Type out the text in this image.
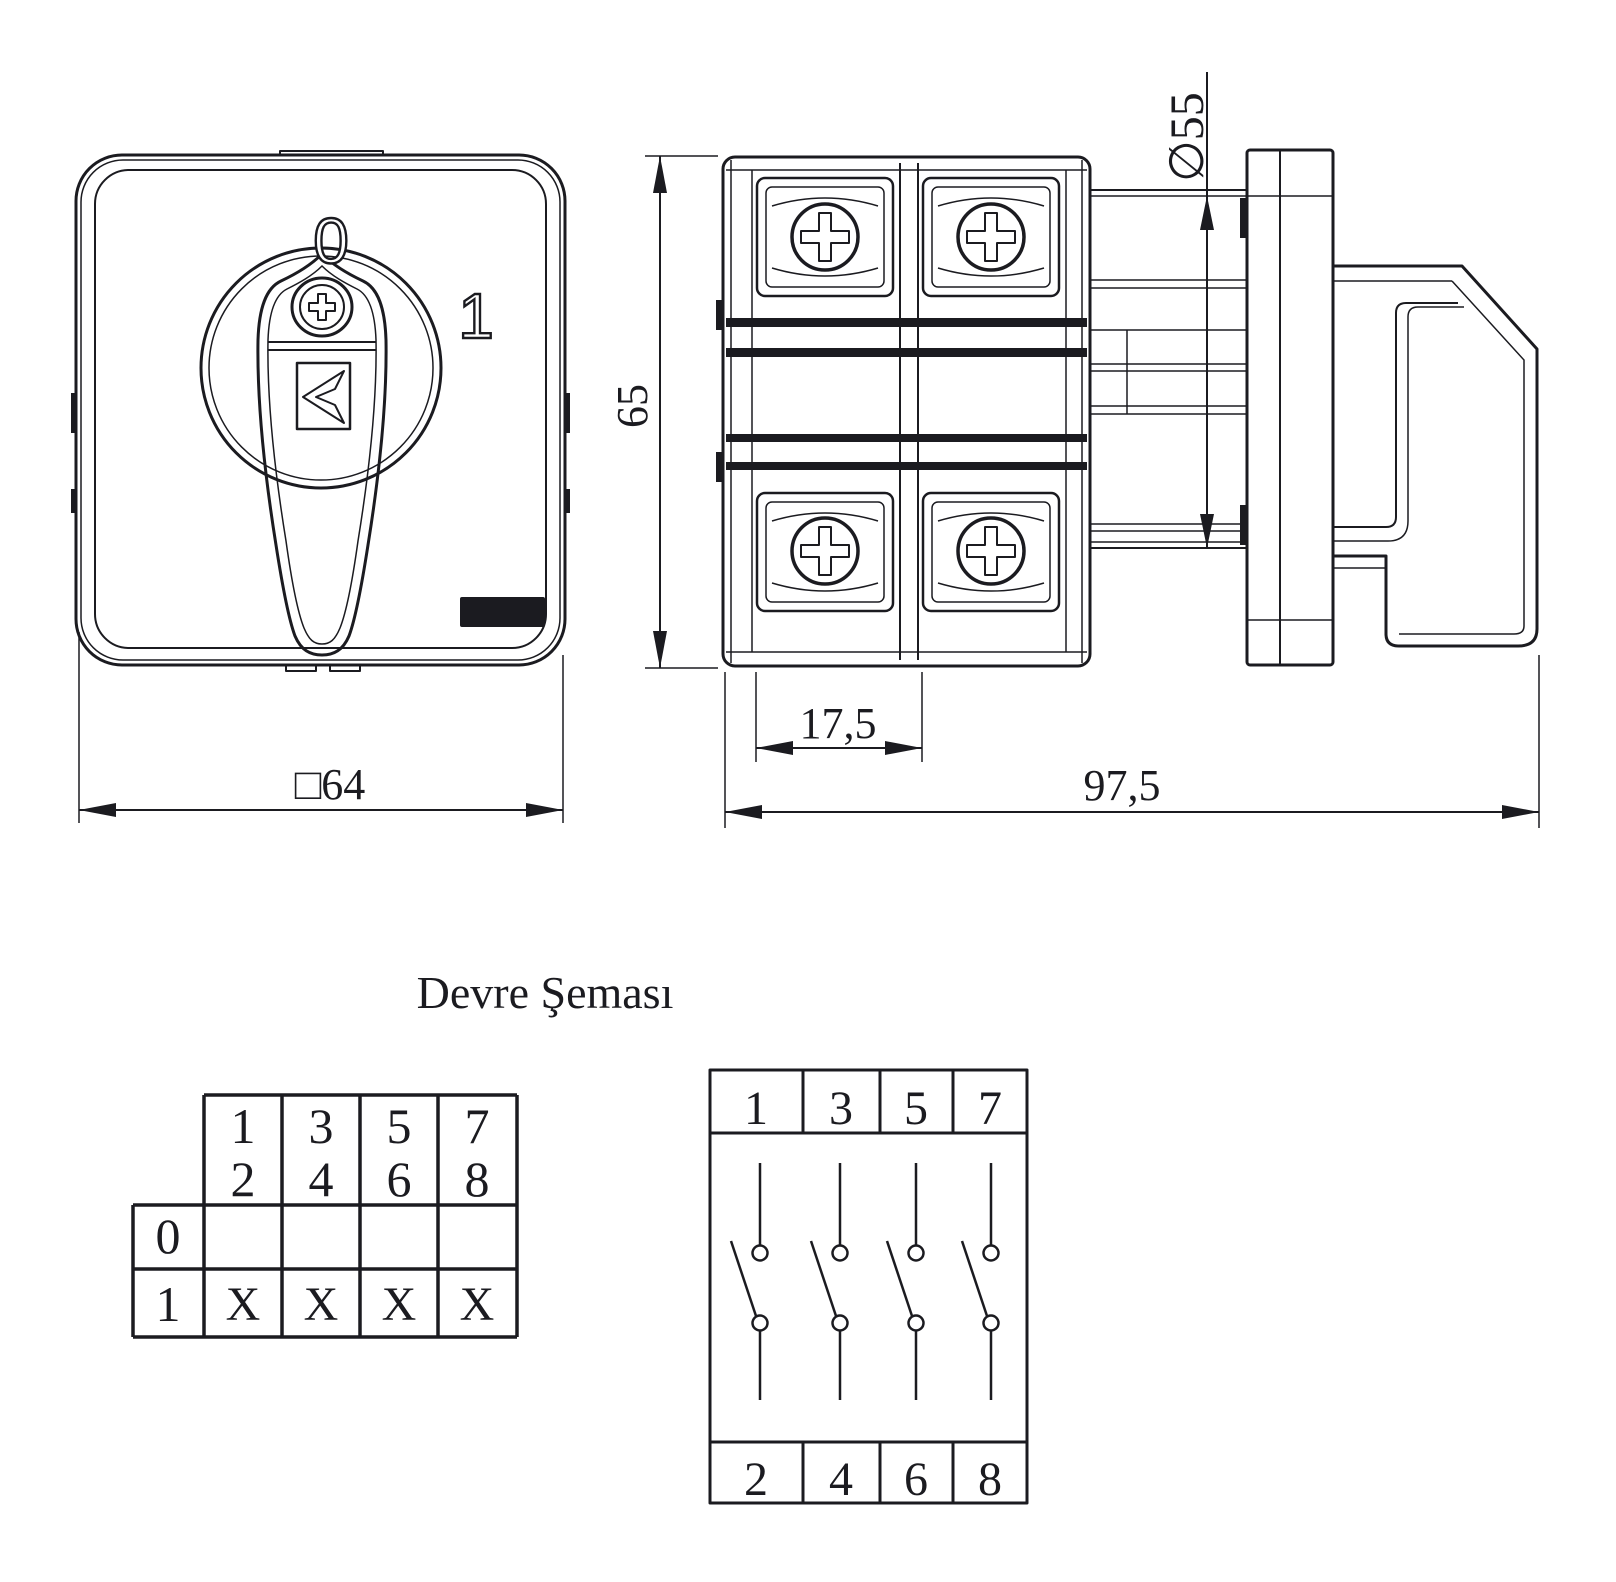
0
1
□64
65
∅55
17,5
97,5
Devre Şeması
1
2
3
4
5
6
7
8
0
1 X X X X
1 3 5 7
2 4 6 8
